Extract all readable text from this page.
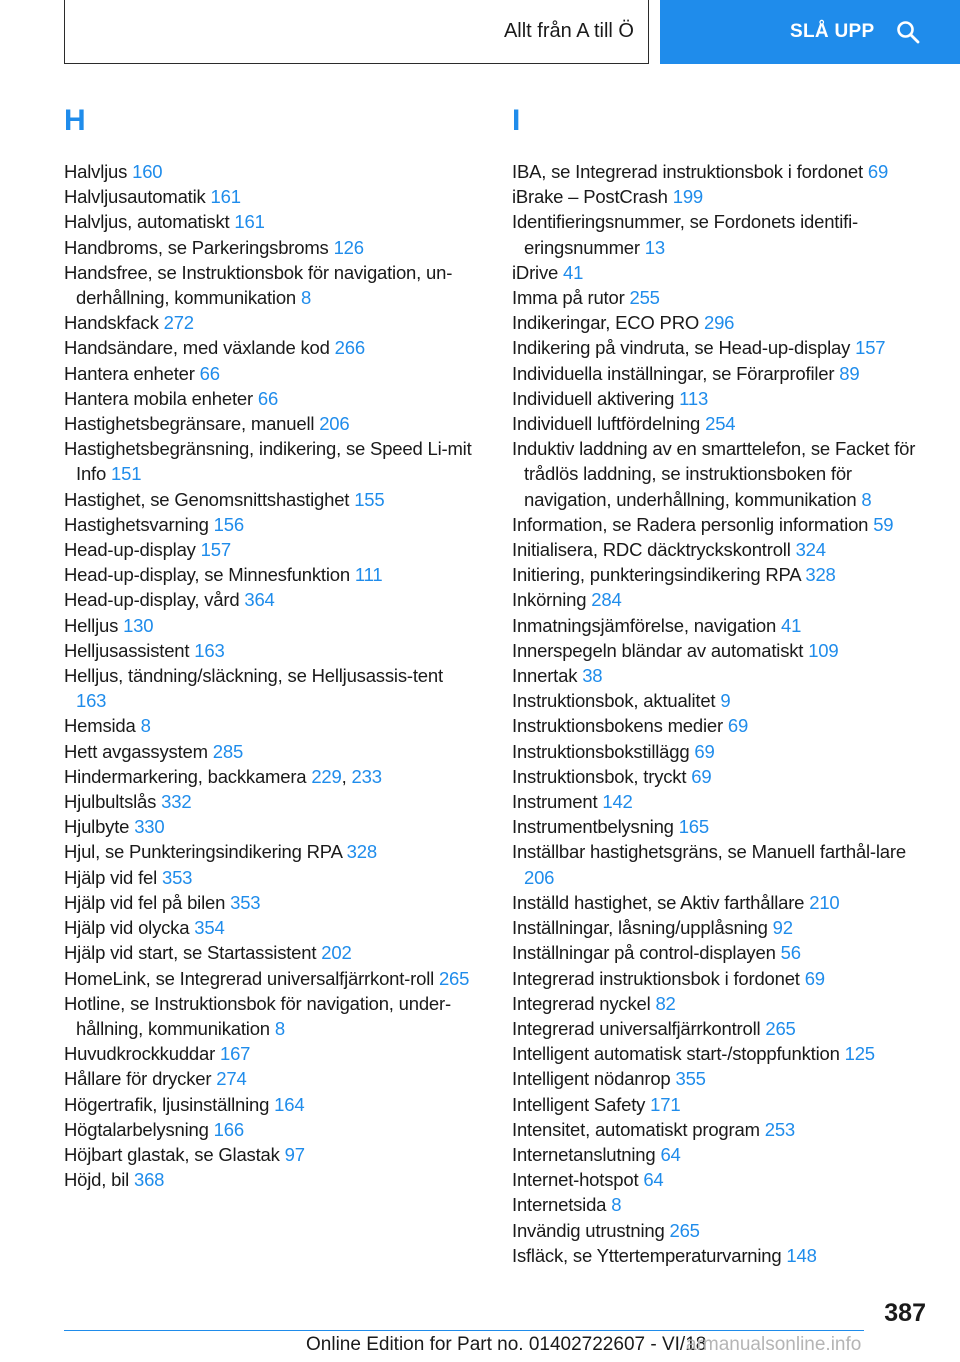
Allt från A till Ö	SLÅ UPP
H
Halvljus 160
Halvljusautomatik 161
Halvljus, automatiskt 161
Handbroms, se Parkeringsbroms 126
Handsfree, se Instruktionsbok för navigation, un-derhållning, kommunikation 8
Handskfack 272
Handsändare, med växlande kod 266
Hantera enheter 66
Hantera mobila enheter 66
Hastighetsbegränsare, manuell 206
Hastighetsbegränsning, indikering, se Speed Li-mit Info 151
Hastighet, se Genomsnittshastighet 155
Hastighetsvarning 156
Head-up-display 157
Head-up-display, se Minnesfunktion 111
Head-up-display, vård 364
Helljus 130
Helljusassistent 163
Helljus, tändning/släckning, se Helljusassis-tent 163
Hemsida 8
Hett avgassystem 285
Hindermarkering, backkamera 229, 233
Hjulbultslås 332
Hjulbyte 330
Hjul, se Punkteringsindikering RPA 328
Hjälp vid fel 353
Hjälp vid fel på bilen 353
Hjälp vid olycka 354
Hjälp vid start, se Startassistent 202
HomeLink, se Integrerad universalfjärrkont-roll 265
Hotline, se Instruktionsbok för navigation, under-hållning, kommunikation 8
Huvudkrockkuddar 167
Hållare för drycker 274
Högertrafik, ljusinställning 164
Högtalarbelysning 166
Höjbart glastak, se Glastak 97
Höjd, bil 368
I
IBA, se Integrerad instruktionsbok i fordonet 69
iBrake – PostCrash 199
Identifieringsnummer, se Fordonets identifi-eringsnummer 13
iDrive 41
Imma på rutor 255
Indikeringar, ECO PRO 296
Indikering på vindruta, se Head-up-display 157
Individuella inställningar, se Förarprofiler 89
Individuell aktivering 113
Individuell luftfördelning 254
Induktiv laddning av en smarttelefon, se Facket för trådlös laddning, se instruktionsboken för navigation, underhållning, kommunikation 8
Information, se Radera personlig information 59
Initialisera, RDC däcktryckskontroll 324
Initiering, punkteringsindikering RPA 328
Inkörning 284
Inmatningsjämförelse, navigation 41
Innerspegeln bländar av automatiskt 109
Innertak 38
Instruktionsbok, aktualitet 9
Instruktionsbokens medier 69
Instruktionsbokstillägg 69
Instruktionsbok, tryckt 69
Instrument 142
Instrumentbelysning 165
Inställbar hastighetsgräns, se Manuell farthål-lare 206
Inställd hastighet, se Aktiv farthållare 210
Inställningar, låsning/upplåsning 92
Inställningar på control-displayen 56
Integrerad instruktionsbok i fordonet 69
Integrerad nyckel 82
Integrerad universalfjärrkontroll 265
Intelligent automatisk start-/stoppfunktion 125
Intelligent nödanrop 355
Intelligent Safety 171
Intensitet, automatiskt program 253
Internetanslutning 64
Internet-hotspot 64
Internetsida 8
Invändig utrustning 265
Isfläck, se Yttertemperaturvarning 148
387
Online Edition for Part no. 01402722607 - VI/18
armanualsonline.info
